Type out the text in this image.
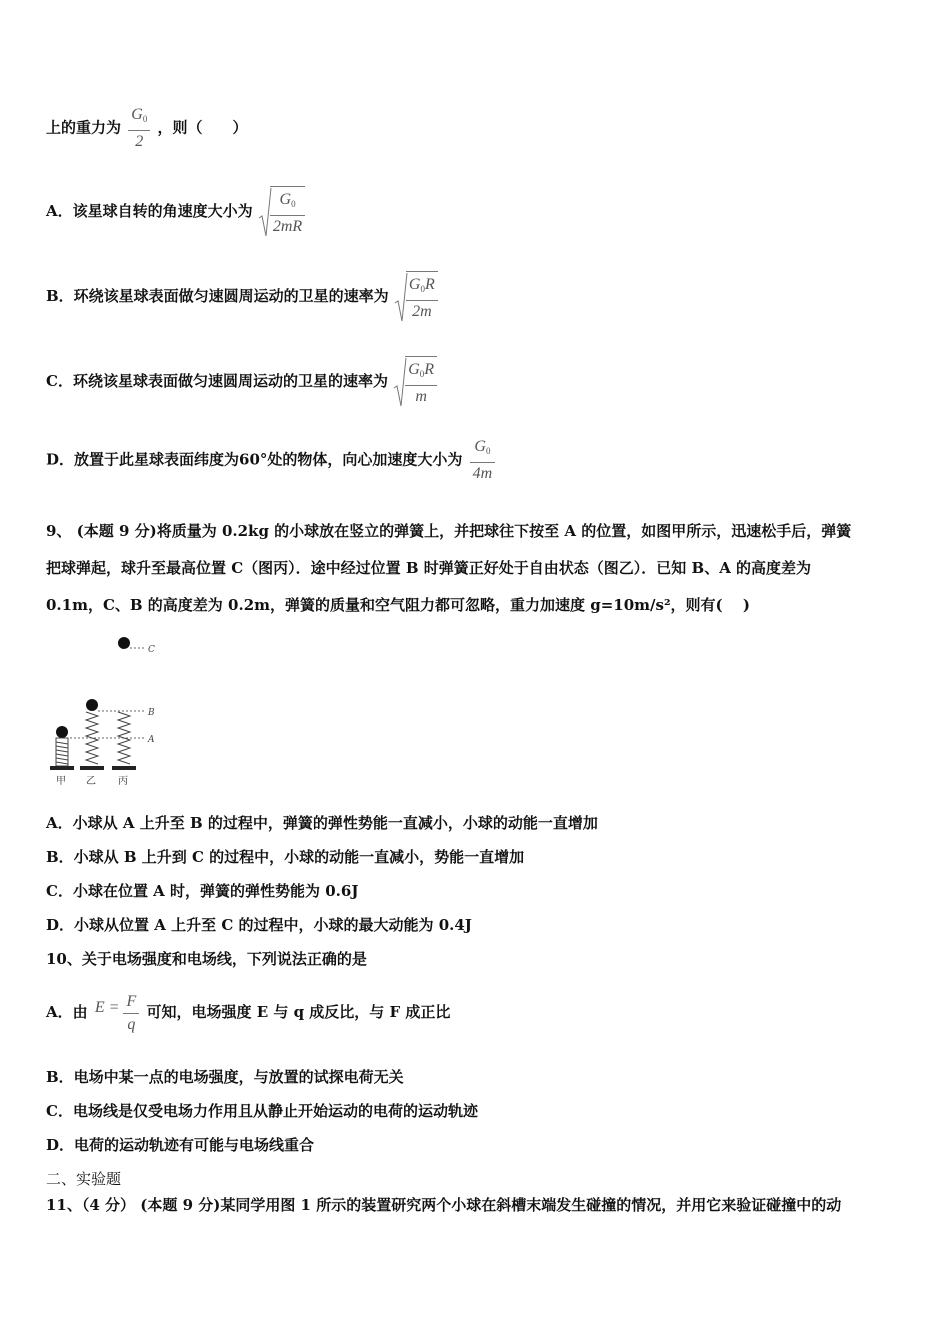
上的重力为 $\frac{G_0}{2}$ ，则（　　）
A．该星球自转的角速度大小为 $\frac{G_0}{2mR}$
B．环绕该星球表面做匀速圆周运动的卫星的速率为 $\frac{G_0R}{2m}$
C．环绕该星球表面做匀速圆周运动的卫星的速率为 $\frac{G_0R}{m}$
D．放置于此星球表面纬度为60°处的物体，向心加速度大小为 $\frac{G_0}{4m}$
9、 (本题 9 分)将质量为 0.2kg 的小球放在竖立的弹簧上，并把球往下按至 A 的位置，如图甲所示，迅速松手后，弹簧
把球弹起，球升至最高位置 C（图丙）．途中经过位置 B 时弹簧正好处于自由状态（图乙）．已知 B、A 的高度差为
0.1m，C、B 的高度差为 0.2m，弹簧的质量和空气阻力都可忽略，重力加速度 g=10m/s²，则有(　 )
C
B
A
甲 乙 丙
A．小球从 A 上升至 B 的过程中，弹簧的弹性势能一直减小，小球的动能一直增加
B．小球从 B 上升到 C 的过程中，小球的动能一直减小，势能一直增加
C．小球在位置 A 时，弹簧的弹性势能为 0.6J
D．小球从位置 A 上升至 C 的过程中，小球的最大动能为 0.4J
10、关于电场强度和电场线，下列说法正确的是
A．由 $E = \frac{F}{q}$ 可知，电场强度 E 与 q 成反比，与 F 成正比
B．电场中某一点的电场强度，与放置的试探电荷无关
C．电场线是仅受电场力作用且从静止开始运动的电荷的运动轨迹
D．电荷的运动轨迹有可能与电场线重合
二、实验题
11、（4 分） (本题 9 分)某同学用图 1 所示的装置研究两个小球在斜槽末端发生碰撞的情况，并用它来验证碰撞中的动
